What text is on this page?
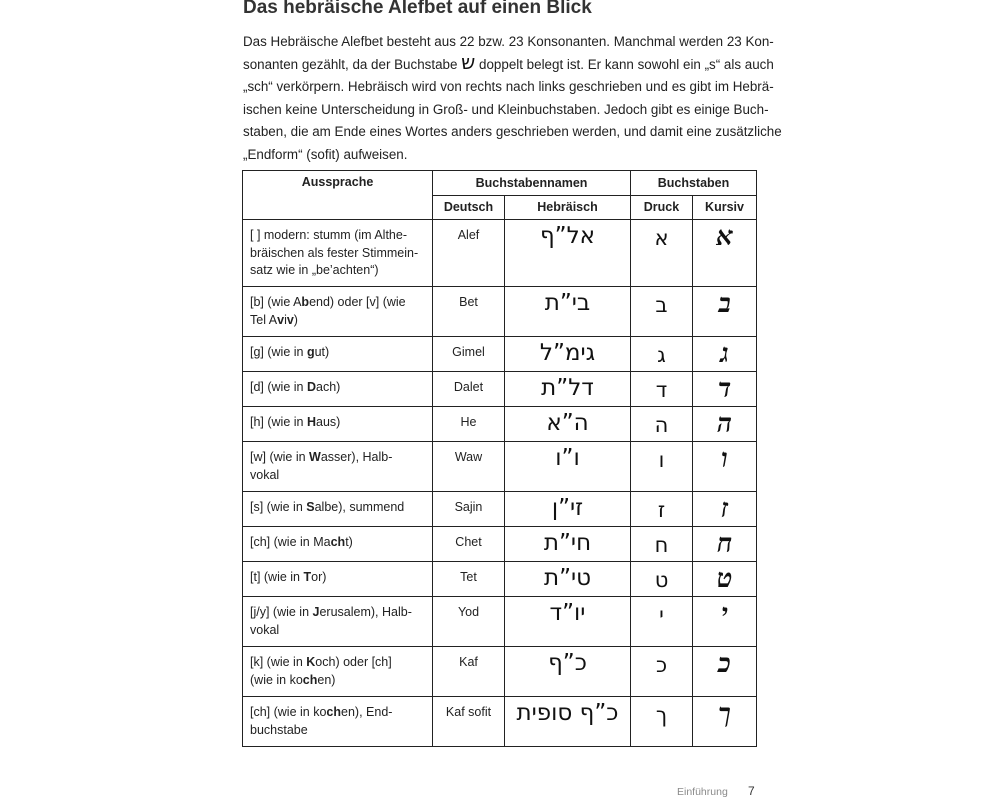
Das hebräische Alefbet auf einen Blick
Das Hebräische Alefbet besteht aus 22 bzw. 23 Konsonanten. Manchmal werden 23 Kon-
sonanten gezählt, da der Buchstabe ש doppelt belegt ist. Er kann sowohl ein „s“ als auch
„sch“ verkörpern. Hebräisch wird von rechts nach links geschrieben und es gibt im Hebrä-
ischen keine Unterscheidung in Groß- und Kleinbuchstaben. Jedoch gibt es einige Buch-
staben, die am Ende eines Wortes anders geschrieben werden, und damit eine zusätzliche
„Endform“ (sofit) aufweisen.
Aussprache	Buchstabennamen		Buchstaben	
	Deutsch	Hebräisch	Druck	Kursiv
[ ] modern: stumm (im Althe-
bräischen als fester Stimmein-
satz wie in „be’achten“)	Alef	אל”ף	א	א
[b] (wie Abend) oder [v] (wie
Tel Aviv)	Bet	בי”ת	ב	ב
[g] (wie in gut)	Gimel	גימ”ל	ג	ג
[d] (wie in Dach)	Dalet	דל”ת	ד	ד
[h] (wie in Haus)	He	ה”א	ה	ה
[w] (wie in Wasser), Halb-
vokal	Waw	ו”ו	ו	ו
[s] (wie in Salbe), summend	Sajin	זי”ן	ז	ז
[ch] (wie in Macht)	Chet	חי”ת	ח	ח
[t] (wie in Tor)	Tet	טי”ת	ט	ט
[j/y] (wie in Jerusalem), Halb-
vokal	Yod	יו”ד	י	י
[k] (wie in Koch) oder [ch]
(wie in kochen)	Kaf	כ”ף	כ	כ
[ch] (wie in kochen), End-
buchstabe	Kaf sofit	כ”ף סופית	ך	ך
Einführung 7
